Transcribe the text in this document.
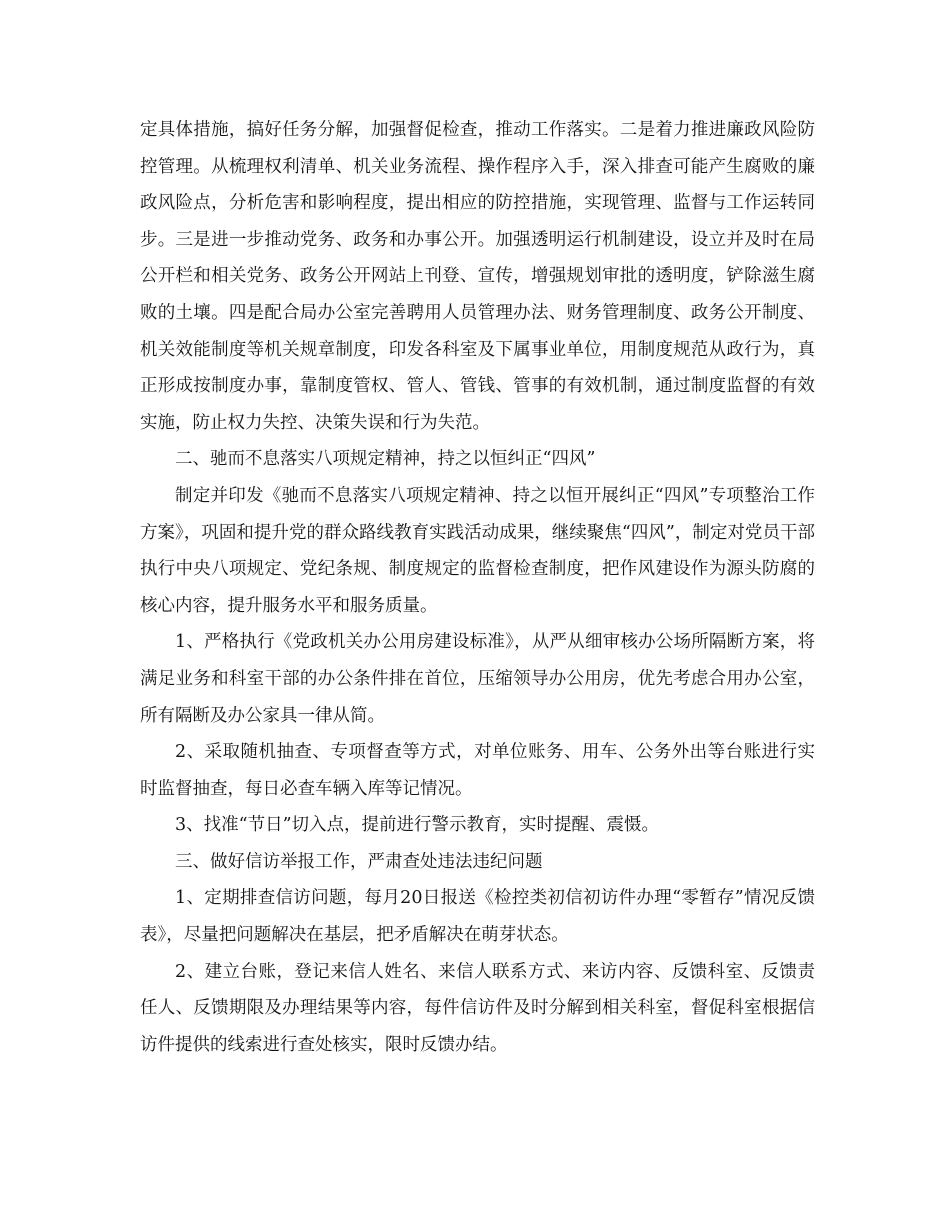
定具体措施，搞好任务分解，加强督促检查，推动工作落实。二是着力推进廉政风险防控管理。从梳理权利清单、机关业务流程、操作程序入手，深入排查可能产生腐败的廉政风险点，分析危害和影响程度，提出相应的防控措施，实现管理、监督与工作运转同步。三是进一步推动党务、政务和办事公开。加强透明运行机制建设，设立并及时在局公开栏和相关党务、政务公开网站上刊登、宣传，增强规划审批的透明度，铲除滋生腐败的土壤。四是配合局办公室完善聘用人员管理办法、财务管理制度、政务公开制度、机关效能制度等机关规章制度，印发各科室及下属事业单位，用制度规范从政行为，真正形成按制度办事，靠制度管权、管人、管钱、管事的有效机制，通过制度监督的有效实施，防止权力失控、决策失误和行为失范。

二、驰而不息落实八项规定精神，持之以恒纠正“四风”

制定并印发《驰而不息落实八项规定精神、持之以恒开展纠正“四风”专项整治工作方案》，巩固和提升党的群众路线教育实践活动成果，继续聚焦“四风”，制定对党员干部执行中央八项规定、党纪条规、制度规定的监督检查制度，把作风建设作为源头防腐的核心内容，提升服务水平和服务质量。

1、严格执行《党政机关办公用房建设标准》，从严从细审核办公场所隔断方案，将满足业务和科室干部的办公条件排在首位，压缩领导办公用房，优先考虑合用办公室，所有隔断及办公家具一律从简。

2、采取随机抽查、专项督查等方式，对单位账务、用车、公务外出等台账进行实时监督抽查，每日必查车辆入库等记情况。

3、找准“节日”切入点，提前进行警示教育，实时提醒、震慑。

三、做好信访举报工作，严肃查处违法违纪问题

1、定期排查信访问题，每月20日报送《检控类初信初访件办理“零暂存”情况反馈表》，尽量把问题解决在基层，把矛盾解决在萌芽状态。

2、建立台账，登记来信人姓名、来信人联系方式、来访内容、反馈科室、反馈责任人、反馈期限及办理结果等内容，每件信访件及时分解到相关科室，督促科室根据信访件提供的线索进行查处核实，限时反馈办结。
